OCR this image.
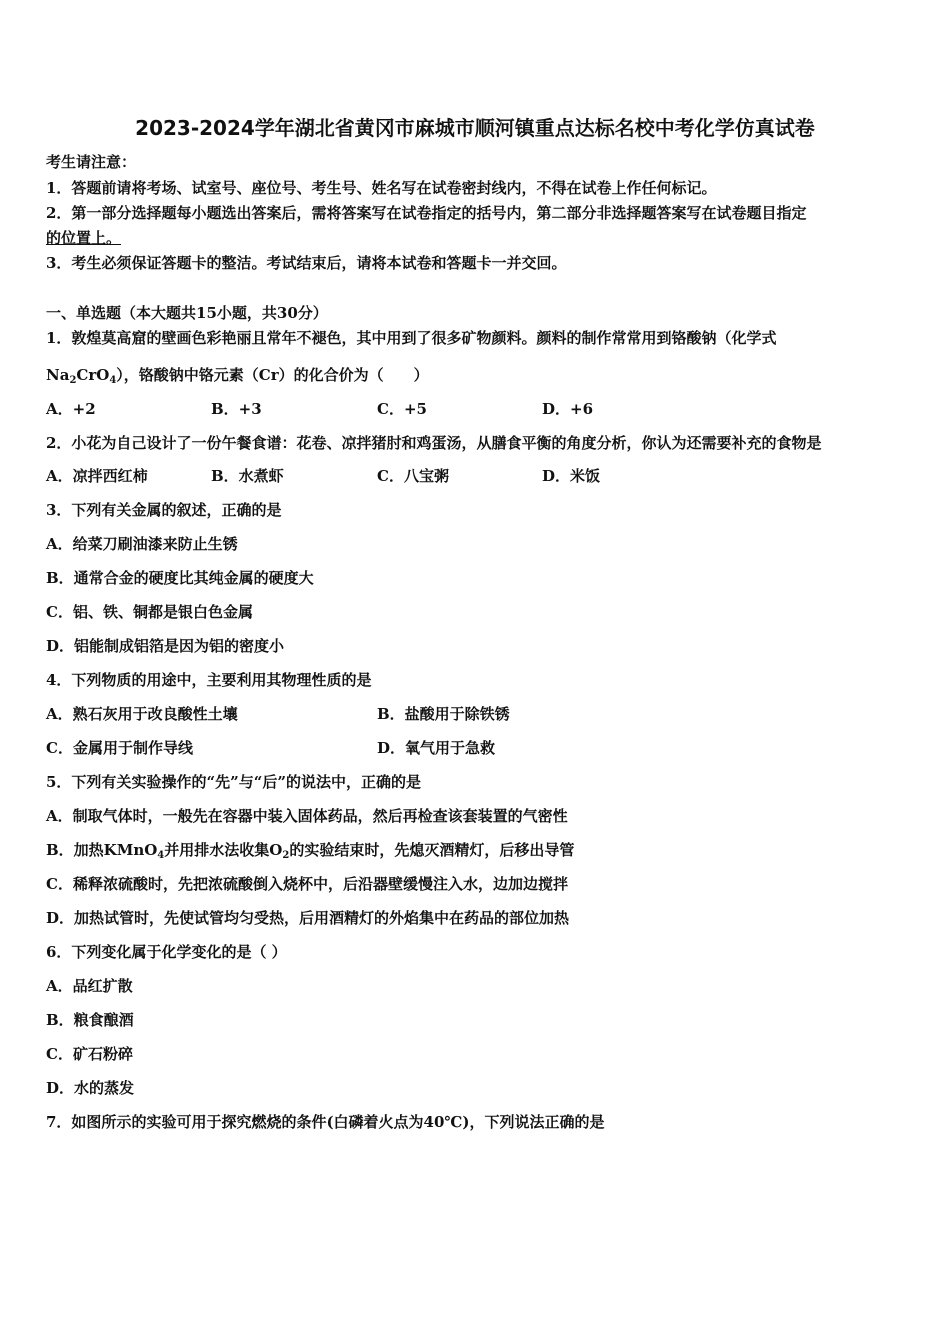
2023-2024学年湖北省黄冈市麻城市顺河镇重点达标名校中考化学仿真试卷
考生请注意：
1．答题前请将考场、试室号、座位号、考生号、姓名写在试卷密封线内，不得在试卷上作任何标记。
2．第一部分选择题每小题选出答案后，需将答案写在试卷指定的括号内，第二部分非选择题答案写在试卷题目指定
的位置上。
3．考生必须保证答题卡的整洁。考试结束后，请将本试卷和答题卡一并交回。
一、单选题（本大题共15小题，共30分）
1．敦煌莫高窟的壁画色彩艳丽且常年不褪色，其中用到了很多矿物颜料。颜料的制作常常用到铬酸钠（化学式
$Na_2CrO_4$），铬酸钠中铬元素（Cr）的化合价为（　　）
A．+2	B．+3	C．+5	D．+6
2．小花为自己设计了一份午餐食谱：花卷、凉拌猪肘和鸡蛋汤，从膳食平衡的角度分析，你认为还需要补充的食物是
A．凉拌西红柿	B．水煮虾	C．八宝粥	D．米饭
3．下列有关金属的叙述，正确的是
A．给菜刀刷油漆来防止生锈
B．通常合金的硬度比其纯金属的硬度大
C．铝、铁、铜都是银白色金属
D．铝能制成铝箔是因为铝的密度小
4．下列物质的用途中，主要利用其物理性质的是
A．熟石灰用于改良酸性土壤	B．盐酸用于除铁锈
C．金属用于制作导线	D．氧气用于急救
5．下列有关实验操作的“先”与“后”的说法中，正确的是
A．制取气体时，一般先在容器中装入固体药品，然后再检查该套装置的气密性
B．加热KMnO$_4$并用排水法收集$O_2$的实验结束时，先熄灭酒精灯，后移出导管
C．稀释浓硫酸时，先把浓硫酸倒入烧杯中，后沿器壁缓慢注入水，边加边搅拌
D．加热试管时，先使试管均匀受热，后用酒精灯的外焰集中在药品的部位加热
6．下列变化属于化学变化的是（ ）
A．品红扩散
B．粮食酿酒
C．矿石粉碎
D．水的蒸发
7．如图所示的实验可用于探究燃烧的条件(白磷着火点为40℃)，下列说法正确的是
